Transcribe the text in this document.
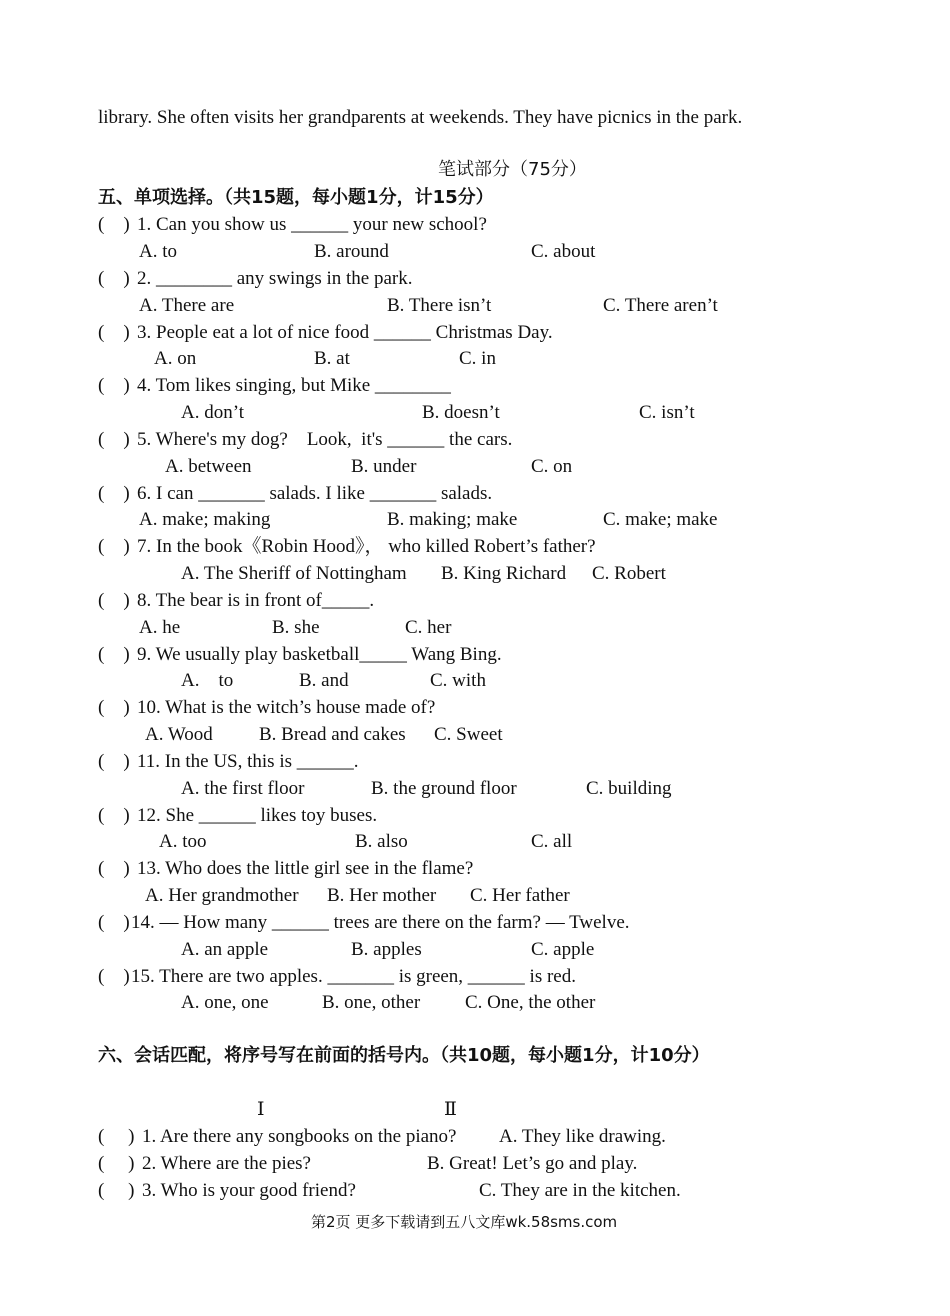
library. She often visits her grandparents at weekends. They have picnics in the park.
笔试部分（75分）
五、单项选择。（共15题，每小题1分，计15分）
(    ) 1. Can you show us ______ your new school?
A. to	B. around	C. about
(    ) 2. ________ any swings in the park.
A. There are	B. There isn’t	C. There aren’t
(    ) 3. People eat a lot of nice food ______ Christmas Day.
A. on	B. at	C. in
(    ) 4. Tom likes singing, but Mike ________
A. don’t	B. doesn’t	C. isn’t
(    ) 5. Where's my dog?    Look,  it's ______ the cars.
A. between	B. under	C. on
(    ) 6. I can _______ salads. I like _______ salads.
A. make; making	B. making; make	C. make; make
(    ) 7. In the book《Robin Hood》， who killed Robert’s father?
A. The Sheriff of Nottingham B. King Richard C. Robert
(    ) 8. The bear is in front of_____.
A. he	B. she	C. her
(    ) 9. We usually play basketball_____ Wang Bing.
A.    to	B. and	C. with
(    ) 10. What is the witch’s house made of?
A. Wood B. Bread and cakes C. Sweet
(    ) 11. In the US, this is ______.
A. the first floor	B. the ground floor	C. building
(    ) 12. She ______ likes toy buses.
A. too	B. also	C. all
(    ) 13. Who does the little girl see in the flame?
A. Her grandmother B. Her mother C. Her father
(    ) 14. — How many ______ trees are there on the farm? — Twelve.
A. an apple	B. apples	C. apple
(    ) 15. There are two apples. _______ is green, ______ is red.
A. one, one	B. one, other C. One, the other
六、会话匹配，将序号写在前面的括号内。（共10题，每小题1分，计10分）
Ⅰ	Ⅱ
(     ) 1. Are there any songbooks on the piano? A. They like drawing.
(     ) 2. Where are the pies?	B. Great! Let’s go and play.
(     ) 3. Who is your good friend?	C. They are in the kitchen.
第2页 更多下载请到五八文库wk.58sms.com
